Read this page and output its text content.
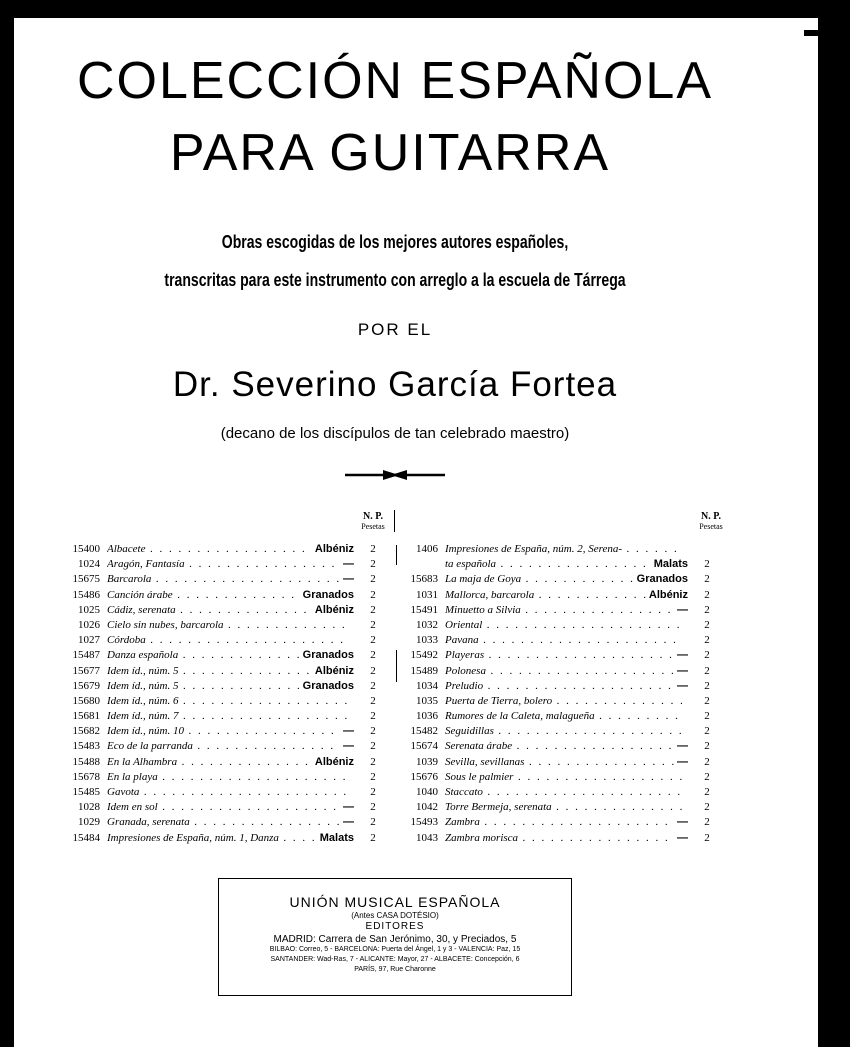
COLECCIÓN ESPAÑOLA
PARA GUITARRA
Obras escogidas de los mejores autores españoles,
transcritas para este instrumento con arreglo a la escuela de Tárrega
POR EL
Dr. Severino García Fortea
(decano de los discípulos de tan celebrado maestro)
N. P.
Pesetas
15400 Albacete . . .	Albéniz	2
1024 Aragón, Fantasía . . .	—	2
15675 Barcarola . . .	—	2
15486 Canción árabe . . .	Granados	2
1025 Cádiz, serenata . . .	Albéniz	2
1026 Cielo sin nubes, barcarola . . .	2
1027 Córdoba . . .	2
15487 Danza española . . .	Granados	2
15677 Idem íd., núm. 5 . . .	Albéniz	2
15679 Idem íd., núm. 5 . . .	Granados	2
15680 Idem íd., núm. 6 . . .	2
15681 Idem íd., núm. 7 . . .	2
15682 Idem íd., núm. 10 . . .	—	2
15483 Eco de la parranda . . .	—	2
15488 En la Alhambra . . .	Albéniz	2
15678 En la playa . . .	2
15485 Gavota . . .	2
1028 Idem en sol . . .	—	2
1029 Granada, serenata . . .	—	2
15484 Impresiones de España, núm. 1, Danza . . .	Malats	2
N. P.
Pesetas
1406 Impresiones de España, núm. 2, Serena- . . .
ta española . . .	Malats	2
15683 La maja de Goya . . .	Granados	2
1031 Mallorca, barcarola . . .	Albéniz	2
15491 Minuetto a Silvia . . .	—	2
1032 Oriental . . .	2
1033 Pavana . . .	2
15492 Playeras . . .	—	2
15489 Polonesa . . .	—	2
1034 Preludio . . .	—	2
1035 Puerta de Tierra, bolero . . .	2
1036 Rumores de la Caleta, malagueña . . .	2
15482 Seguidillas . . .	2
15674 Serenata árabe . . .	—	2
1039 Sevilla, sevillanas . . .	—	2
15676 Sous le palmier . . .	2
1040 Staccato . . .	2
1042 Torre Bermeja, serenata . . .	2
15493 Zambra . . .	—	2
1043 Zambra morisca . . .	—	2
UNIÓN MUSICAL ESPAÑOLA
(Antes CASA DOTÉSIO)
EDITORES
MADRID: Carrera de San Jerónimo, 30, y Preciados, 5
BILBAO: Correo, 5 - BARCELONA: Puerta del Ángel, 1 y 3 - VALENCIA: Paz, 15
SANTANDER: Wad-Ras, 7 - ALICANTE: Mayor, 27 - ALBACETE: Concepción, 6
PARÍS, 97, Rue Charonne
